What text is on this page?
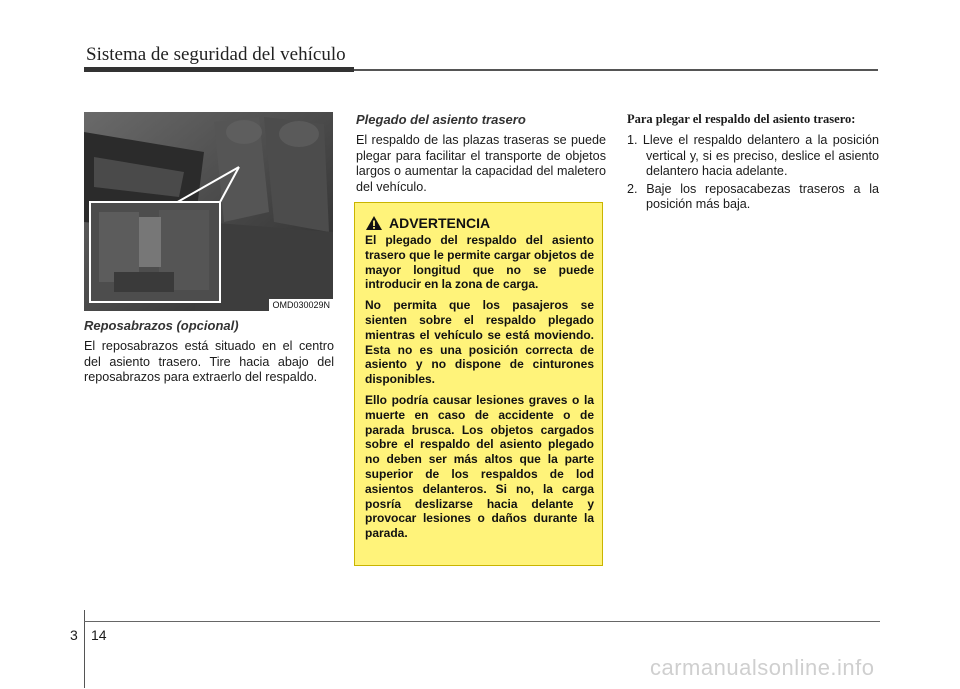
Sistema de seguridad del vehículo
OMD030029N
Reposabrazos (opcional)

El reposabrazos está situado en el centro del asiento trasero. Tire hacia abajo del reposabrazos para extraerlo del respaldo.

Plegado del asiento trasero

El respaldo de las plazas traseras se puede plegar para facilitar el transporte de objetos largos o aumentar la capacidad del maletero del vehículo.

ADVERTENCIA

El plegado del respaldo del asiento trasero que le permite cargar objetos de mayor longitud que no se puede introducir en la zona de carga.

No permita que los pasajeros se sienten sobre el respaldo plegado mientras el vehículo se está moviendo. Esta no es una posición correcta de asiento y no dispone de cinturones disponibles.

Ello podría causar lesiones graves o la muerte en caso de accidente o de parada brusca. Los objetos cargados sobre el respaldo del asiento plegado no deben ser más altos que la parte superior de los respaldos de lod asientos delanteros. Si no, la carga posría deslizarse hacia delante y provocar lesiones o daños durante la parada.

Para plegar el respaldo del asiento trasero:
1. Lleve el respaldo delantero a la posición vertical y, si es preciso, deslice el asiento delantero hacia adelante.
2. Baje los reposacabezas traseros a la posición más baja.
3 14
carmanualsonline.info
